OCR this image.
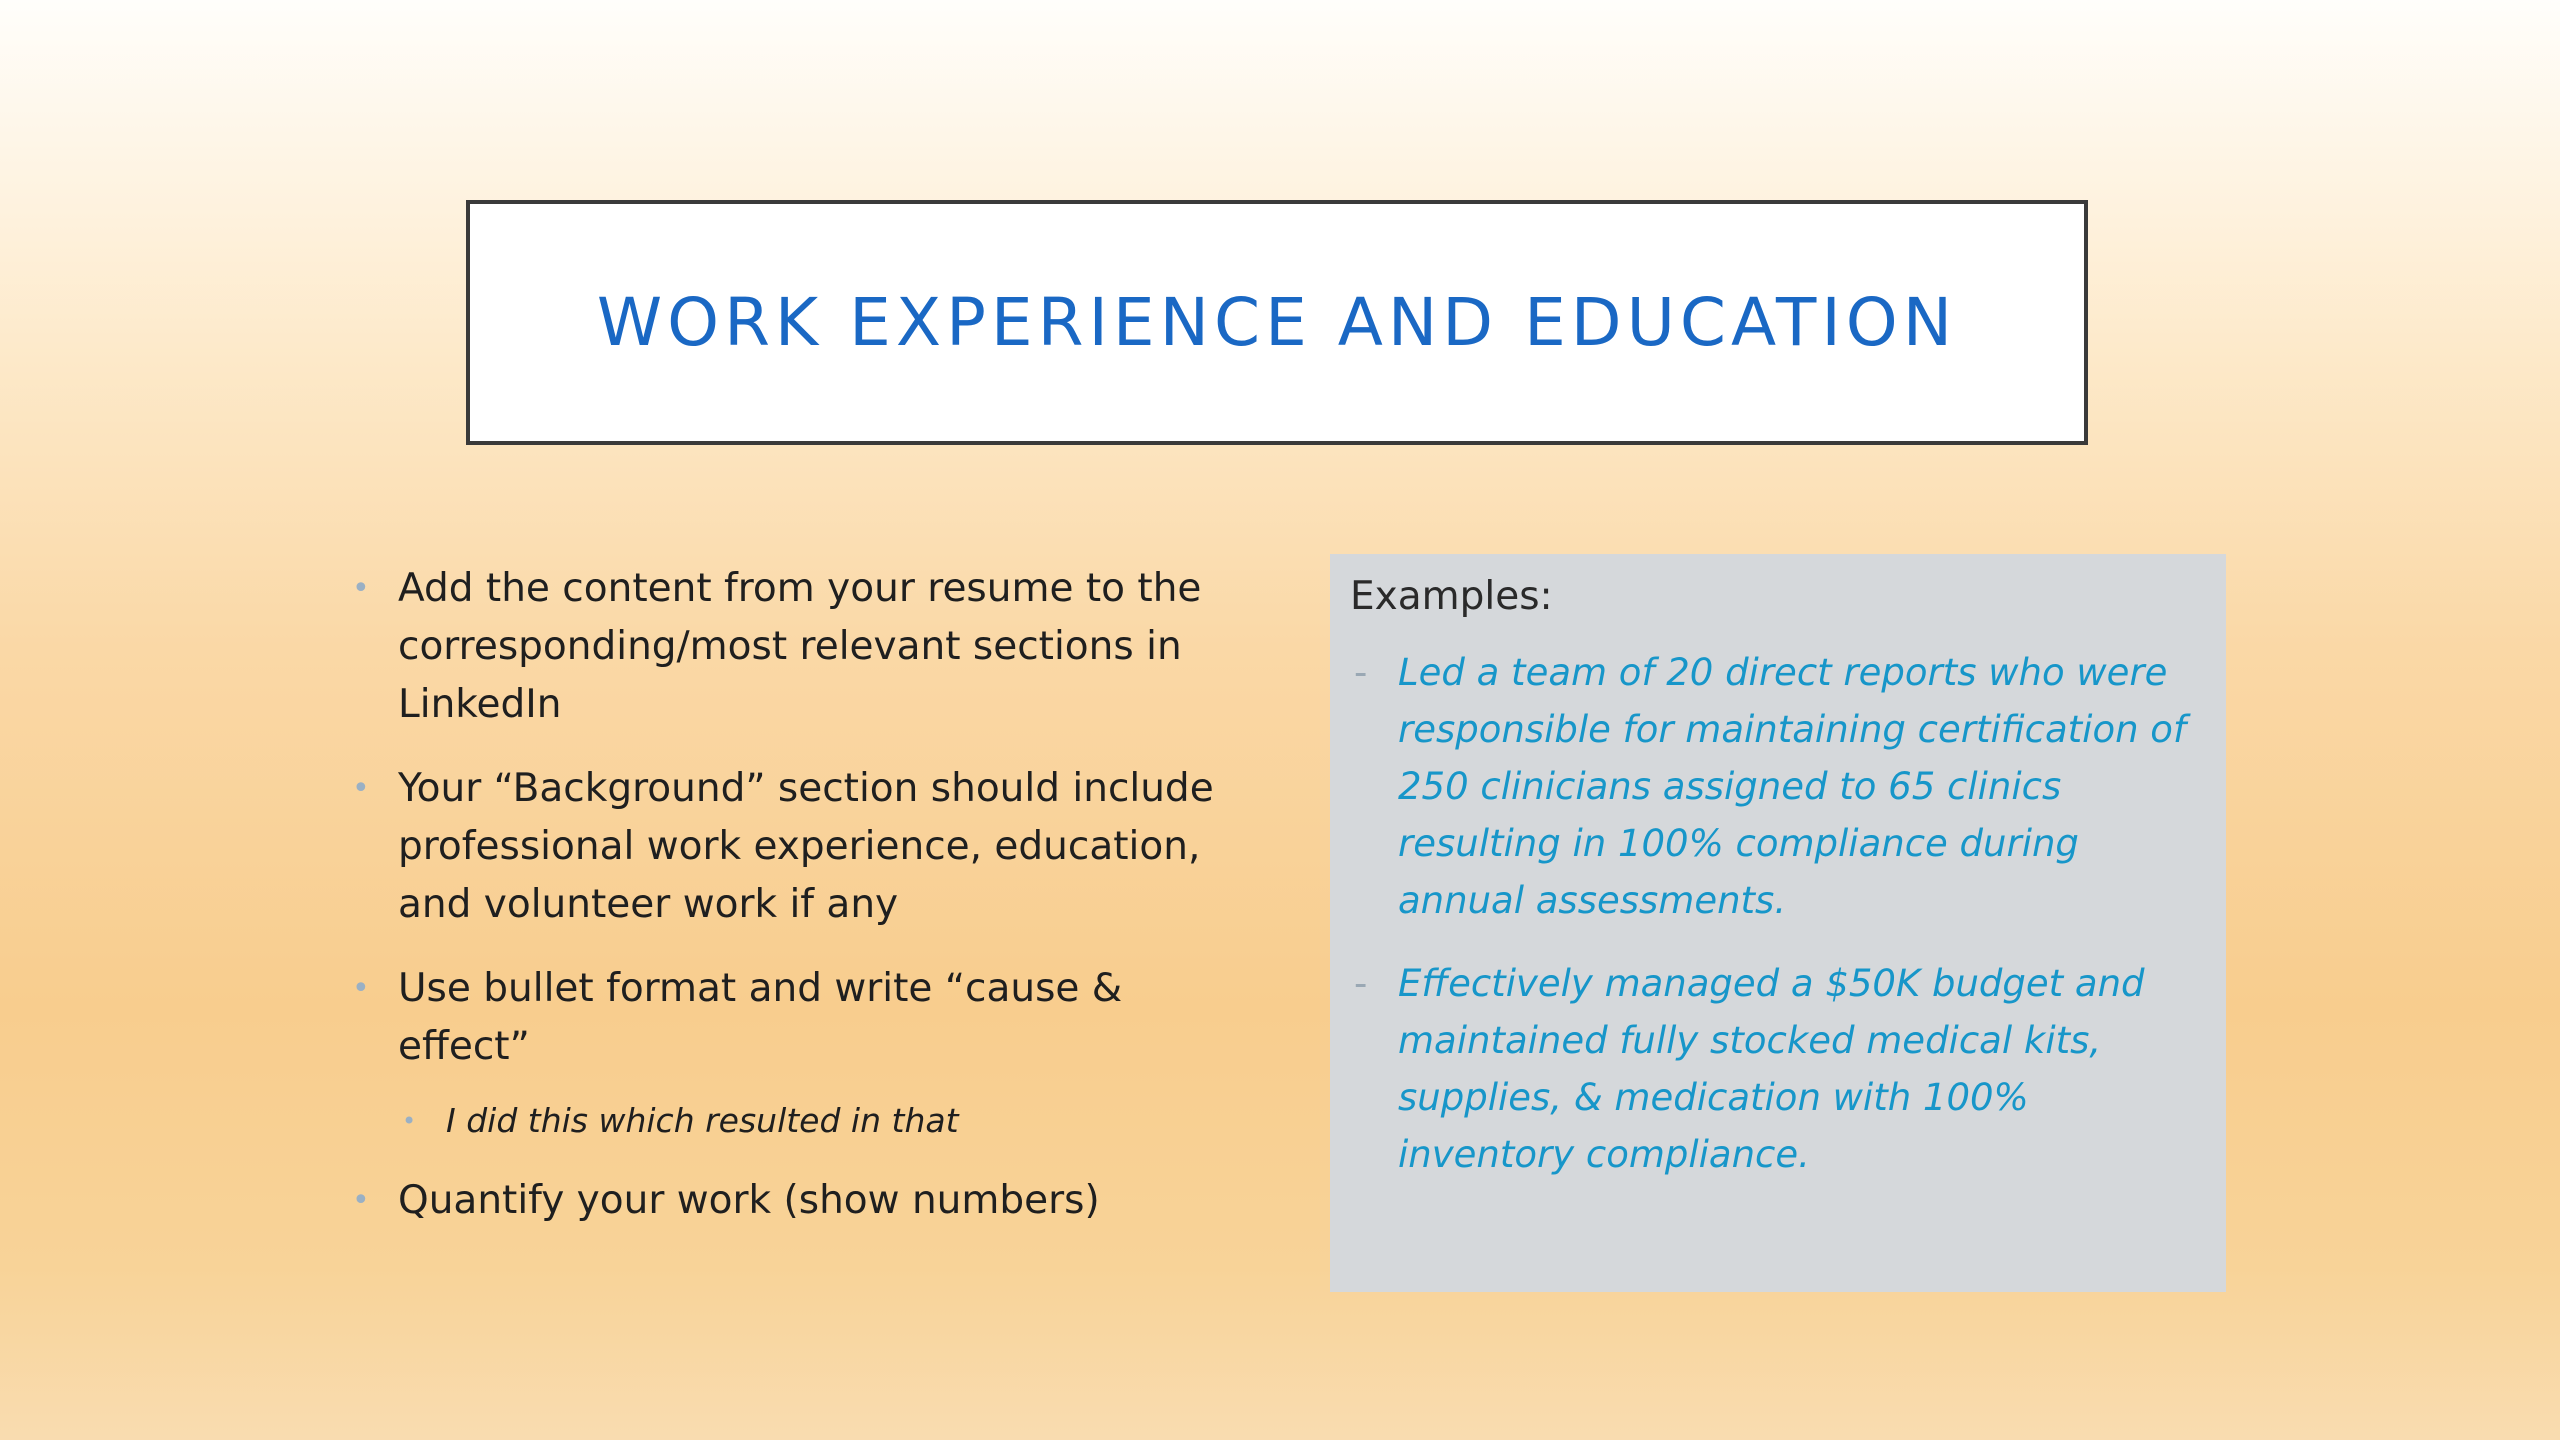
WORK EXPERIENCE AND EDUCATION
• Add the content from your resume to the corresponding/most relevant sections in LinkedIn
• Your “Background” section should include professional work experience, education, and volunteer work if any
• Use bullet format and write “cause & effect”
• I did this which resulted in that
• Quantify your work (show numbers)
Examples:
- Led a team of 20 direct reports who were responsible for maintaining certification of 250 clinicians assigned to 65 clinics resulting in 100% compliance during annual assessments.
- Effectively managed a $50K budget and maintained fully stocked medical kits, supplies, & medication with 100% inventory compliance.
